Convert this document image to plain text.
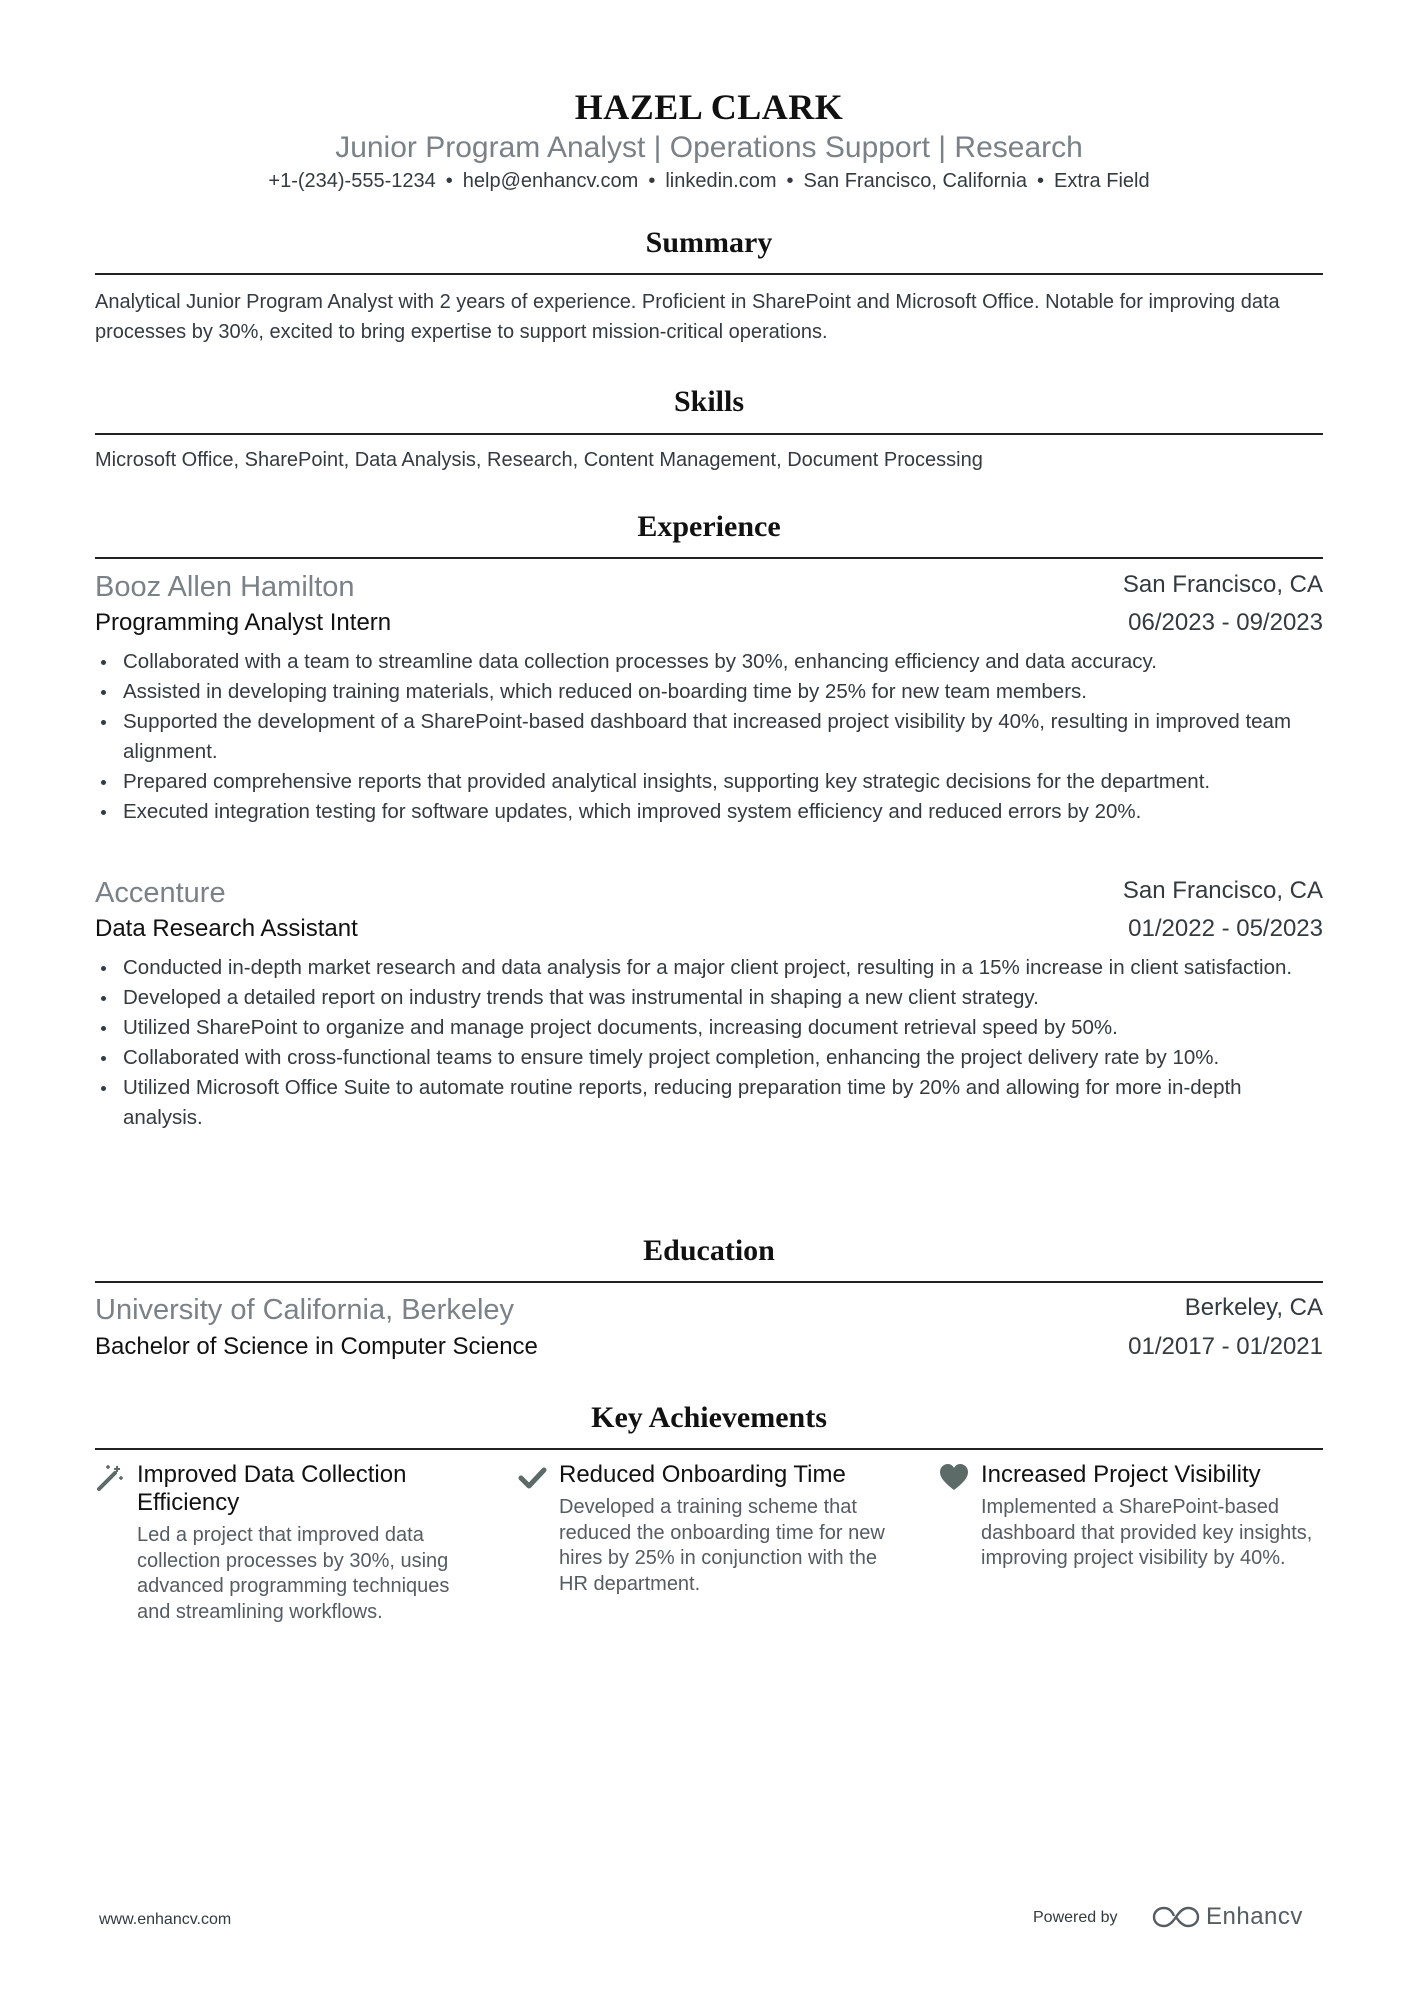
HAZEL CLARK
Junior Program Analyst | Operations Support | Research
+1-(234)-555-1234 • help@enhancv.com • linkedin.com • San Francisco, California • Extra Field
Summary
Analytical Junior Program Analyst with 2 years of experience. Proficient in SharePoint and Microsoft Office. Notable for improving data processes by 30%, excited to bring expertise to support mission-critical operations.
Skills
Microsoft Office, SharePoint, Data Analysis, Research, Content Management, Document Processing
Experience
Booz Allen Hamilton	San Francisco, CA
Programming Analyst Intern	06/2023 - 09/2023
Collaborated with a team to streamline data collection processes by 30%, enhancing efficiency and data accuracy.
Assisted in developing training materials, which reduced on-boarding time by 25% for new team members.
Supported the development of a SharePoint-based dashboard that increased project visibility by 40%, resulting in improved team alignment.
Prepared comprehensive reports that provided analytical insights, supporting key strategic decisions for the department.
Executed integration testing for software updates, which improved system efficiency and reduced errors by 20%.
Accenture	San Francisco, CA
Data Research Assistant	01/2022 - 05/2023
Conducted in-depth market research and data analysis for a major client project, resulting in a 15% increase in client satisfaction.
Developed a detailed report on industry trends that was instrumental in shaping a new client strategy.
Utilized SharePoint to organize and manage project documents, increasing document retrieval speed by 50%.
Collaborated with cross-functional teams to ensure timely project completion, enhancing the project delivery rate by 10%.
Utilized Microsoft Office Suite to automate routine reports, reducing preparation time by 20% and allowing for more in-depth analysis.
Education
University of California, Berkeley	Berkeley, CA
Bachelor of Science in Computer Science	01/2017 - 01/2021
Key Achievements
Improved Data Collection Efficiency
Led a project that improved data collection processes by 30%, using advanced programming techniques and streamlining workflows.
Reduced Onboarding Time
Developed a training scheme that reduced the onboarding time for new hires by 25% in conjunction with the HR department.
Increased Project Visibility
Implemented a SharePoint-based dashboard that provided key insights, improving project visibility by 40%.
www.enhancv.com	Powered by	Enhancv
